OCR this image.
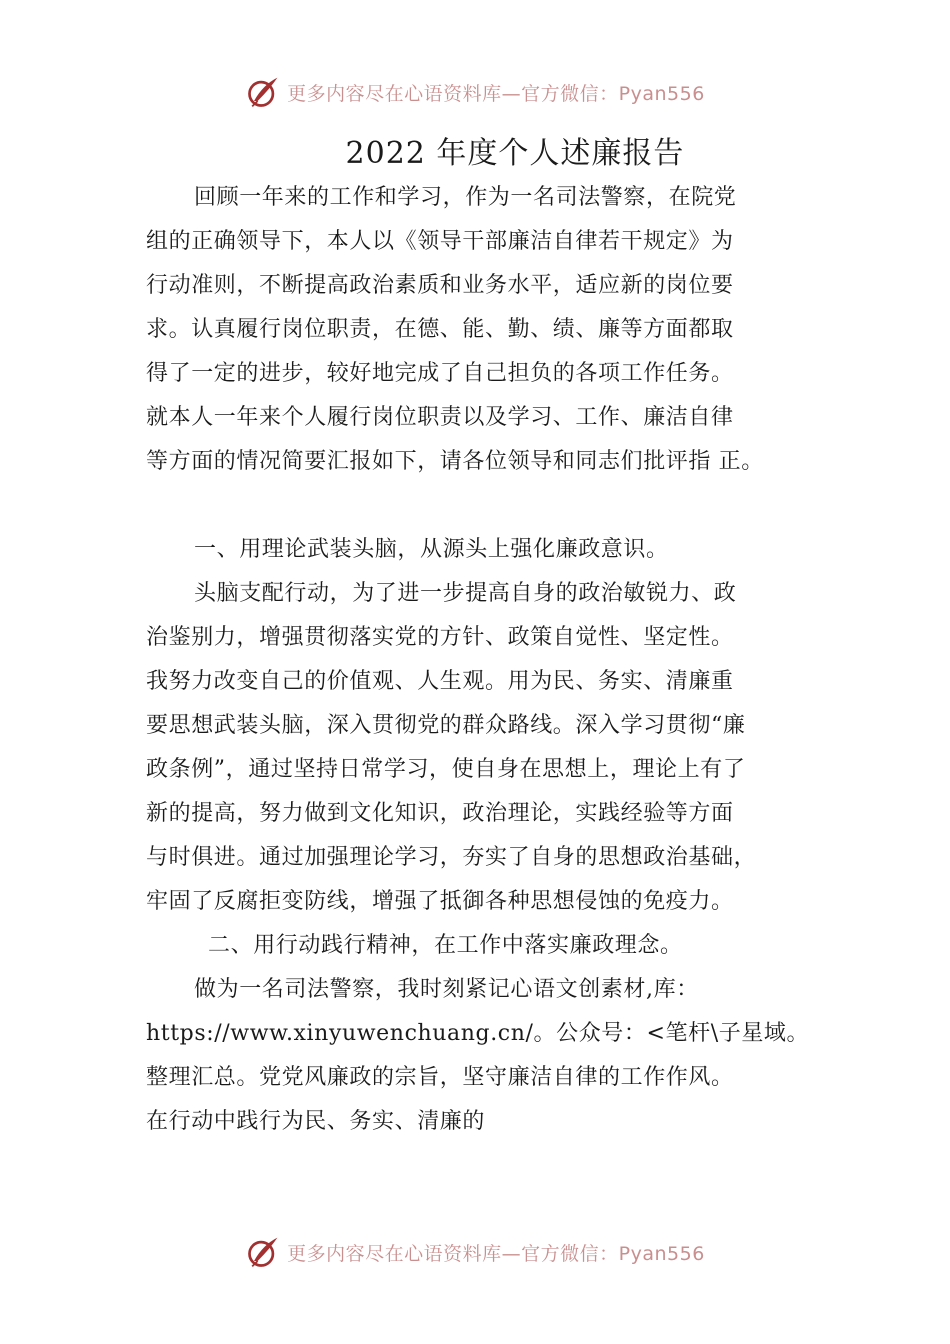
更多内容尽在心语资料库—官方微信：Pyan556
2022 年度个人述廉报告
回顾一年来的工作和学习，作为一名司法警察，在院党
组的正确领导下，本人以《领导干部廉洁自律若干规定》为
行动准则，不断提高政治素质和业务水平，适应新的岗位要
求。认真履行岗位职责，在德、能、勤、绩、廉等方面都取
得了一定的进步，较好地完成了自己担负的各项工作任务。
就本人一年来个人履行岗位职责以及学习、工作、廉洁自律
等方面的情况简要汇报如下，请各位领导和同志们批评指 正。
一、用理论武装头脑，从源头上强化廉政意识。
头脑支配行动，为了进一步提高自身的政治敏锐力、政
治鉴别力，增强贯彻落实党的方针、政策自觉性、坚定性。
我努力改变自己的价值观、人生观。用为民、务实、清廉重
要思想武装头脑，深入贯彻党的群众路线。深入学习贯彻“廉
政条例”，通过坚持日常学习，使自身在思想上，理论上有了
新的提高，努力做到文化知识，政治理论，实践经验等方面
与时俱进。通过加强理论学习，夯实了自身的思想政治基础，
牢固了反腐拒变防线，增强了抵御各种思想侵蚀的免疫力。
二、用行动践行精神，在工作中落实廉政理念。
做为一名司法警察，我时刻紧记心语文创素材,库：
https://www.xinyuwenchuang.cn/。公众号：<笔杆\子星域。
整理汇总。党党风廉政的宗旨，坚守廉洁自律的工作作风。
在行动中践行为民、务实、清廉的
更多内容尽在心语资料库—官方微信：Pyan556
